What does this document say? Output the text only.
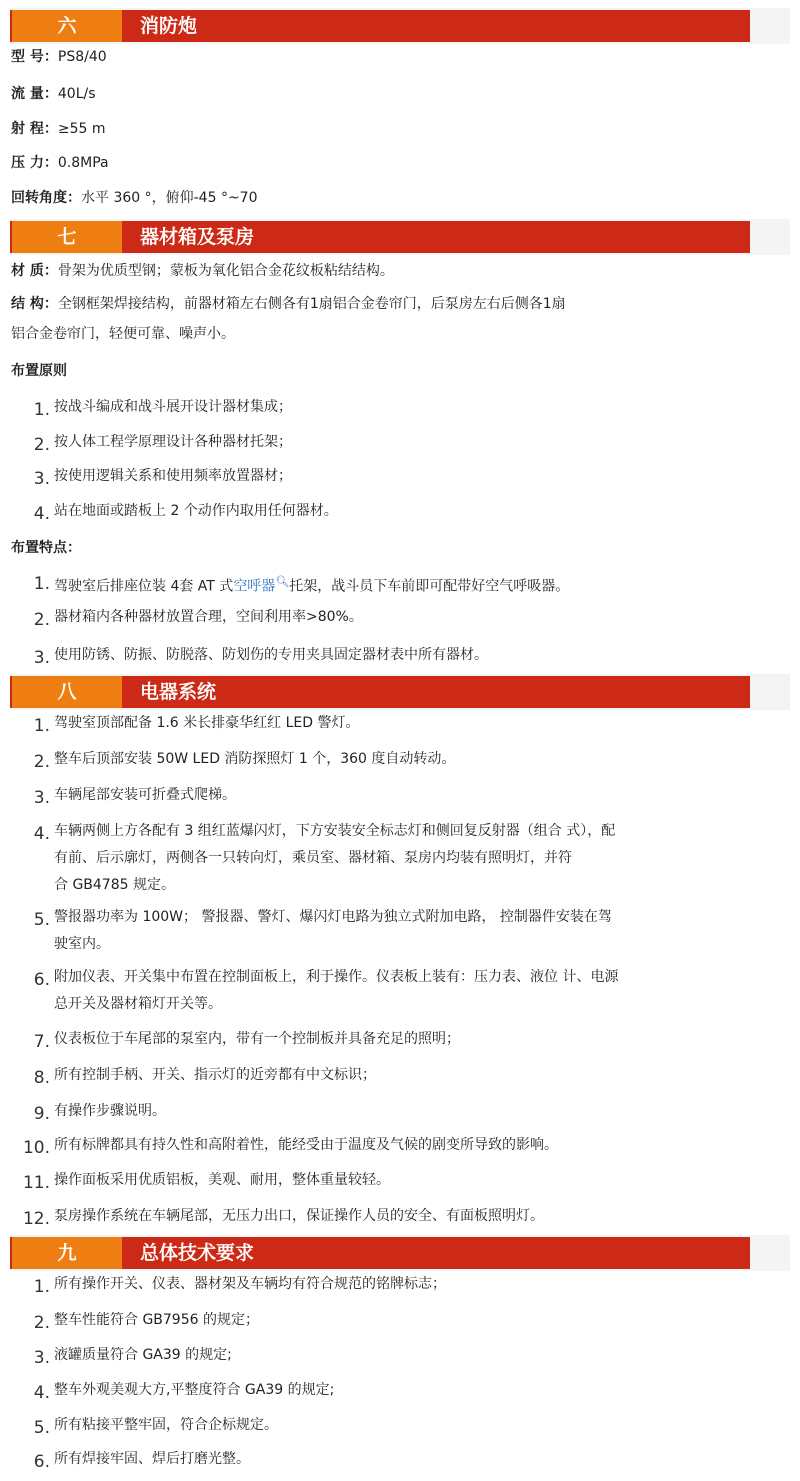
六	消防炮
型 号：PS8/40
流 量：40L/s
射 程：≥55 m
压 力：0.8MPa
回转角度：水平 360 °，俯仰-45 °~70
七	器材箱及泵房
材 质：骨架为优质型钢；蒙板为氧化铝合金花纹板粘结结构。
结 构：全钢框架焊接结构，前器材箱左右侧各有1扇铝合金卷帘门，后泵房左右后侧各1扇
铝合金卷帘门，轻便可靠、噪声小。
布置原则
1. 按战斗编成和战斗展开设计器材集成；
2. 按人体工程学原理设计各种器材托架；
3. 按使用逻辑关系和使用频率放置器材；
4. 站在地面或踏板上 2 个动作内取用任何器材。
布置特点：
1. 驾驶室后排座位装 4套 AT 式空呼器🔍︎托架，战斗员下车前即可配带好空气呼吸器。
2. 器材箱内各种器材放置合理，空间利用率>80%。
3. 使用防锈、防振、防脱落、防划伤的专用夹具固定器材表中所有器材。
八	电器系统
1. 驾驶室顶部配备 1.6 米长排豪华红红 LED 警灯。
2. 整车后顶部安装 50W LED 消防探照灯 1 个，360 度自动转动。
3. 车辆尾部安装可折叠式爬梯。
4. 车辆两侧上方各配有 3 组红蓝爆闪灯，下方安装安全标志灯和侧回复反射器（组合 式），配
有前、后示廓灯，两侧各一只转向灯，乘员室、器材箱、泵房内均装有照明灯，并符
合 GB4785 规定。
5. 警报器功率为 100W； 警报器、警灯、爆闪灯电路为独立式附加电路， 控制器件安装在驾
驶室内。
6. 附加仪表、开关集中布置在控制面板上，利于操作。仪表板上装有：压力表、液位 计、电源
总开关及器材箱灯开关等。
7. 仪表板位于车尾部的泵室内，带有一个控制板并具备充足的照明；
8. 所有控制手柄、开关、指示灯的近旁都有中文标识；
9. 有操作步骤说明。
10. 所有标牌都具有持久性和高附着性，能经受由于温度及气候的剧变所导致的影响。
11. 操作面板采用优质铝板，美观、耐用，整体重量较轻。
12. 泵房操作系统在车辆尾部，无压力出口，保证操作人员的安全、有面板照明灯。
九	总体技术要求
1. 所有操作开关、仪表、器材架及车辆均有符合规范的铭牌标志；
2. 整车性能符合 GB7956 的规定；
3. 液罐质量符合 GA39 的规定;
4. 整车外观美观大方,平整度符合 GA39 的规定;
5. 所有粘接平整牢固，符合企标规定。
6. 所有焊接牢固、焊后打磨光整。
